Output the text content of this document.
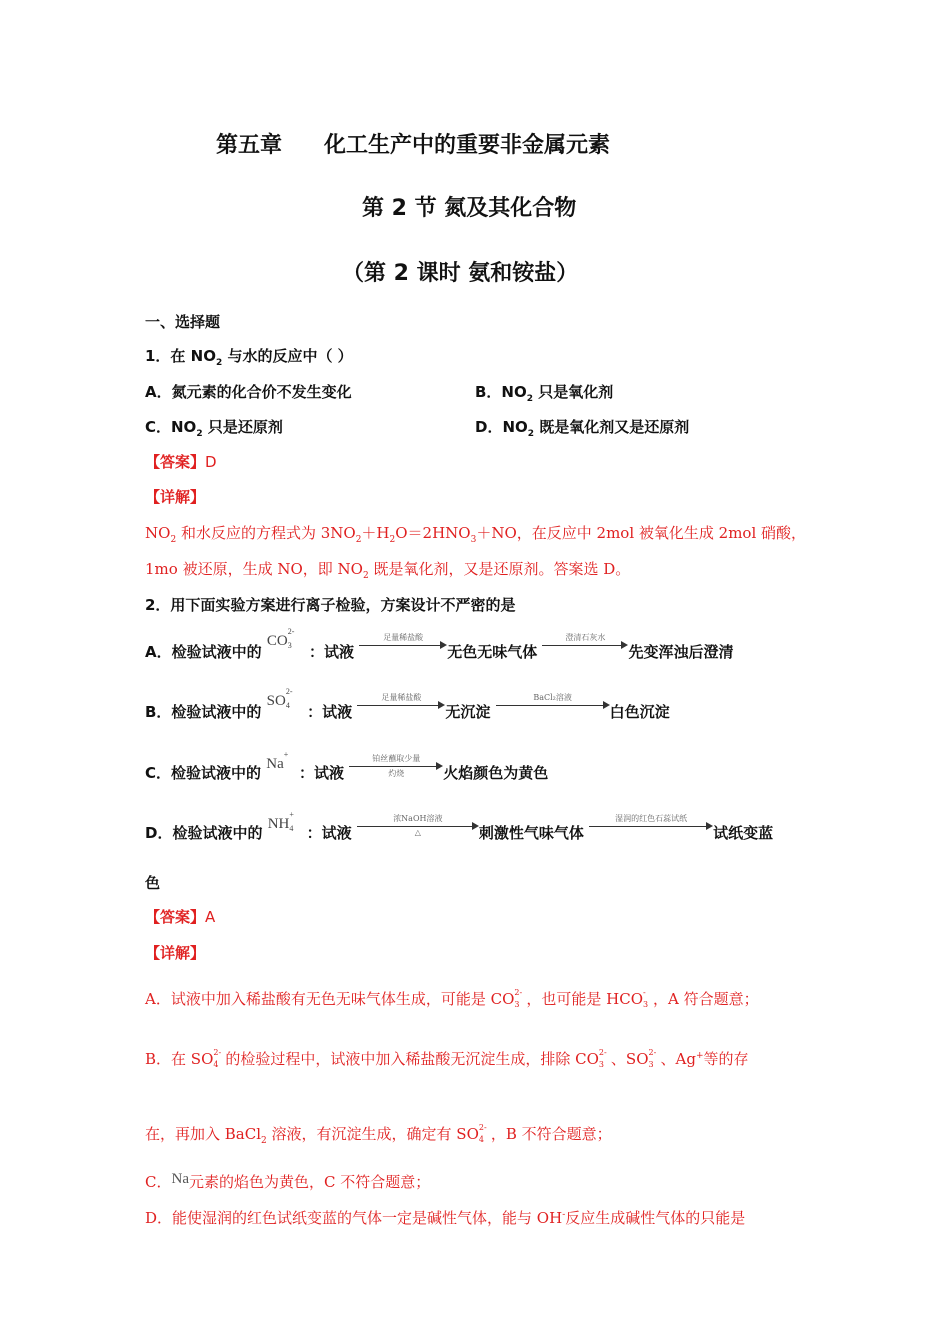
第五章 化工生产中的重要非金属元素
第 2 节 氮及其化合物
（第 2 课时 氨和铵盐）
一、选择题
1．在 $NO_2$ 与水的反应中（ ）
A．氮元素的化合价不发生变化	B．$NO_2$ 只是氧化剂
C．$NO_2$ 只是还原剂	D．$NO_2$ 既是氧化剂又是还原剂
【答案】D
【详解】
$NO_2$ 和水反应的方程式为 $3NO_2+H_2O=2HNO_3+NO$，在反应中 2mol 被氧化生成 2mol 硝酸，
1mo 被还原，生成 NO，即 $NO_2$ 既是氧化剂，又是还原剂。答案选 D。
2．用下面实验方案进行离子检验，方案设计不严密的是
A．检验试液中的 CO
2-
3 ：试液
足量稀盐酸
无色无味气体
澄清石灰水
先变浑浊后澄清
B．检验试液中的 SO
2-
4 ：试液
足量稀盐酸
无沉淀
BaCl₂溶液
白色沉淀
C．检验试液中的 Na
+
：试液
铂丝蘸取少量
灼烧	火焰颜色为黄色
D．检验试液中的 NH
+
4 ：试液
浓NaOH溶液
△	刺激性气味气体
湿润的红色石蕊试纸
试纸变蓝
色
【答案】A
【详解】
A．试液中加入稀盐酸有无色无味气体生成，可能是 CO 2-
3 ，也可能是 HCO -
3 ，A 符合题意；
B．在 SO 2-
4 的检验过程中，试液中加入稀盐酸无沉淀生成，排除 CO 2-
3 、SO 2-
3 、Ag+等的存
在，再加入 BaCl$_2$ 溶液，有沉淀生成，确定有 SO 2-
4 ，B 不符合题意；
C．Na元素的焰色为黄色，C 不符合题意；
D．能使湿润的红色试纸变蓝的气体一定是碱性气体，能与 OH-反应生成碱性气体的只能是
